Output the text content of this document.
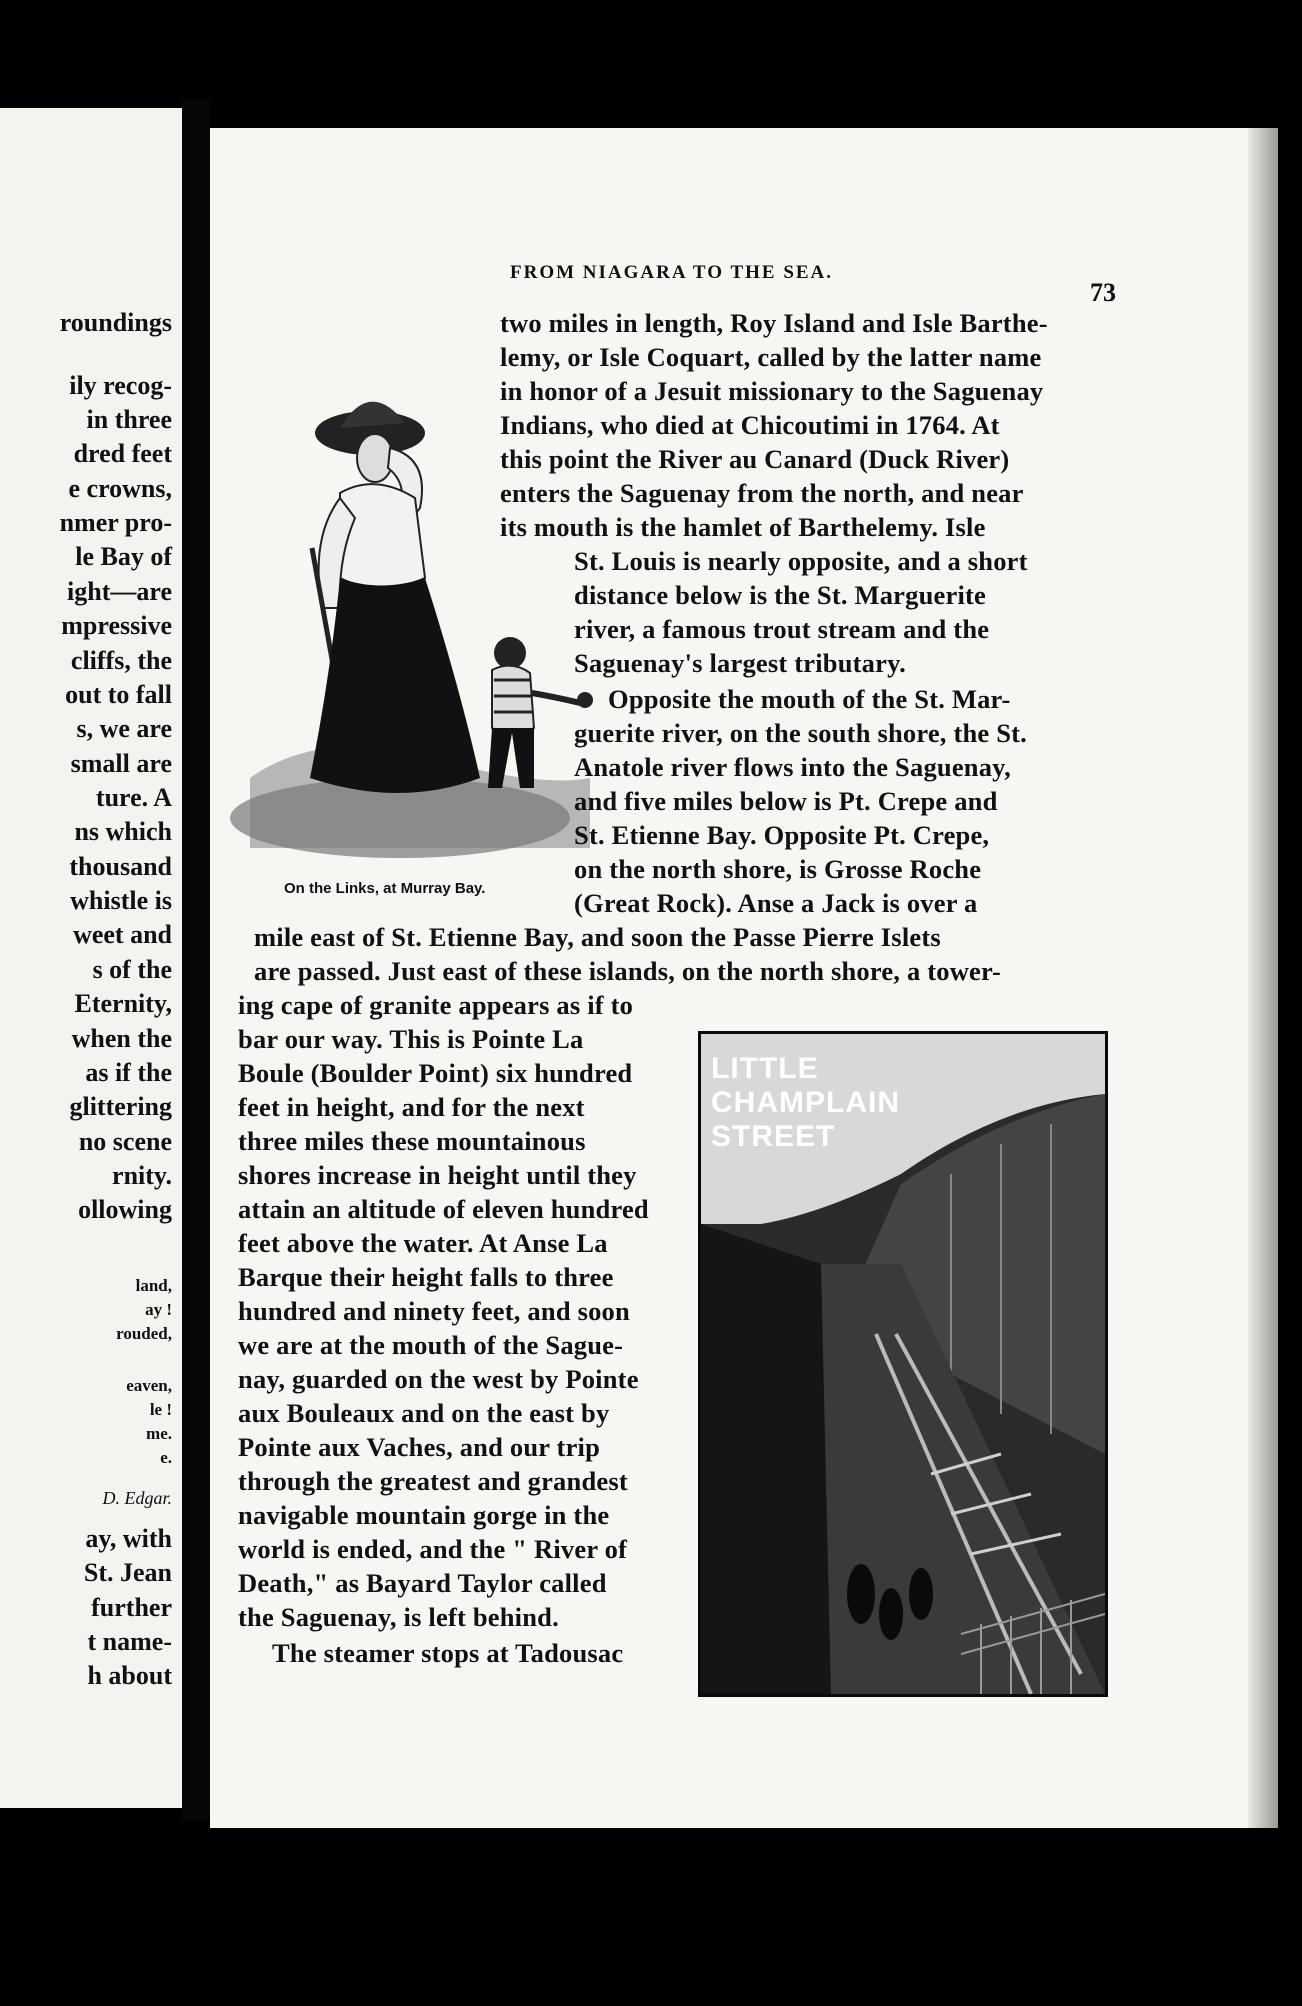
roundings
ily recog-
in three
dred feet
e crowns,
nmer pro-
le Bay of
ight—are
mpressive
cliffs, the
out to fall
s, we are
small are
ture. A
ns which
thousand
whistle is
weet and
s of the
Eternity,
when the
as if the
glittering
no scene
rnity.
ollowing
land,
ay !
rouded,
eaven,
le !
me.
e.
D. Edgar.
ay, with
St. Jean
further
t name-
h about
FROM NIAGARA TO THE SEA.
73
On the Links, at Murray Bay.
LITTLE
CHAMPLAIN
STREET
two miles in length, Roy Island and Isle Barthe-
lemy, or Isle Coquart, called by the latter name
in honor of a Jesuit missionary to the Saguenay
Indians, who died at Chicoutimi in 1764. At
this point the River au Canard (Duck River)
enters the Saguenay from the north, and near
its mouth is the hamlet of Barthelemy. Isle
St. Louis is nearly opposite, and a short
distance below is the St. Marguerite
river, a famous trout stream and the
Saguenay's largest tributary.
Opposite the mouth of the St. Mar-
guerite river, on the south shore, the St.
Anatole river flows into the Saguenay,
and five miles below is Pt. Crepe and
St. Etienne Bay. Opposite Pt. Crepe,
on the north shore, is Grosse Roche
(Great Rock). Anse a Jack is over a
mile east of St. Etienne Bay, and soon the Passe Pierre Islets
are passed. Just east of these islands, on the north shore, a tower-
ing cape of granite appears as if to
bar our way. This is Pointe La
Boule (Boulder Point) six hundred
feet in height, and for the next
three miles these mountainous
shores increase in height until they
attain an altitude of eleven hundred
feet above the water. At Anse La
Barque their height falls to three
hundred and ninety feet, and soon
we are at the mouth of the Sague-
nay, guarded on the west by Pointe
aux Bouleaux and on the east by
Pointe aux Vaches, and our trip
through the greatest and grandest
navigable mountain gorge in the
world is ended, and the " River of
Death," as Bayard Taylor called
the Saguenay, is left behind.
The steamer stops at Tadousac
